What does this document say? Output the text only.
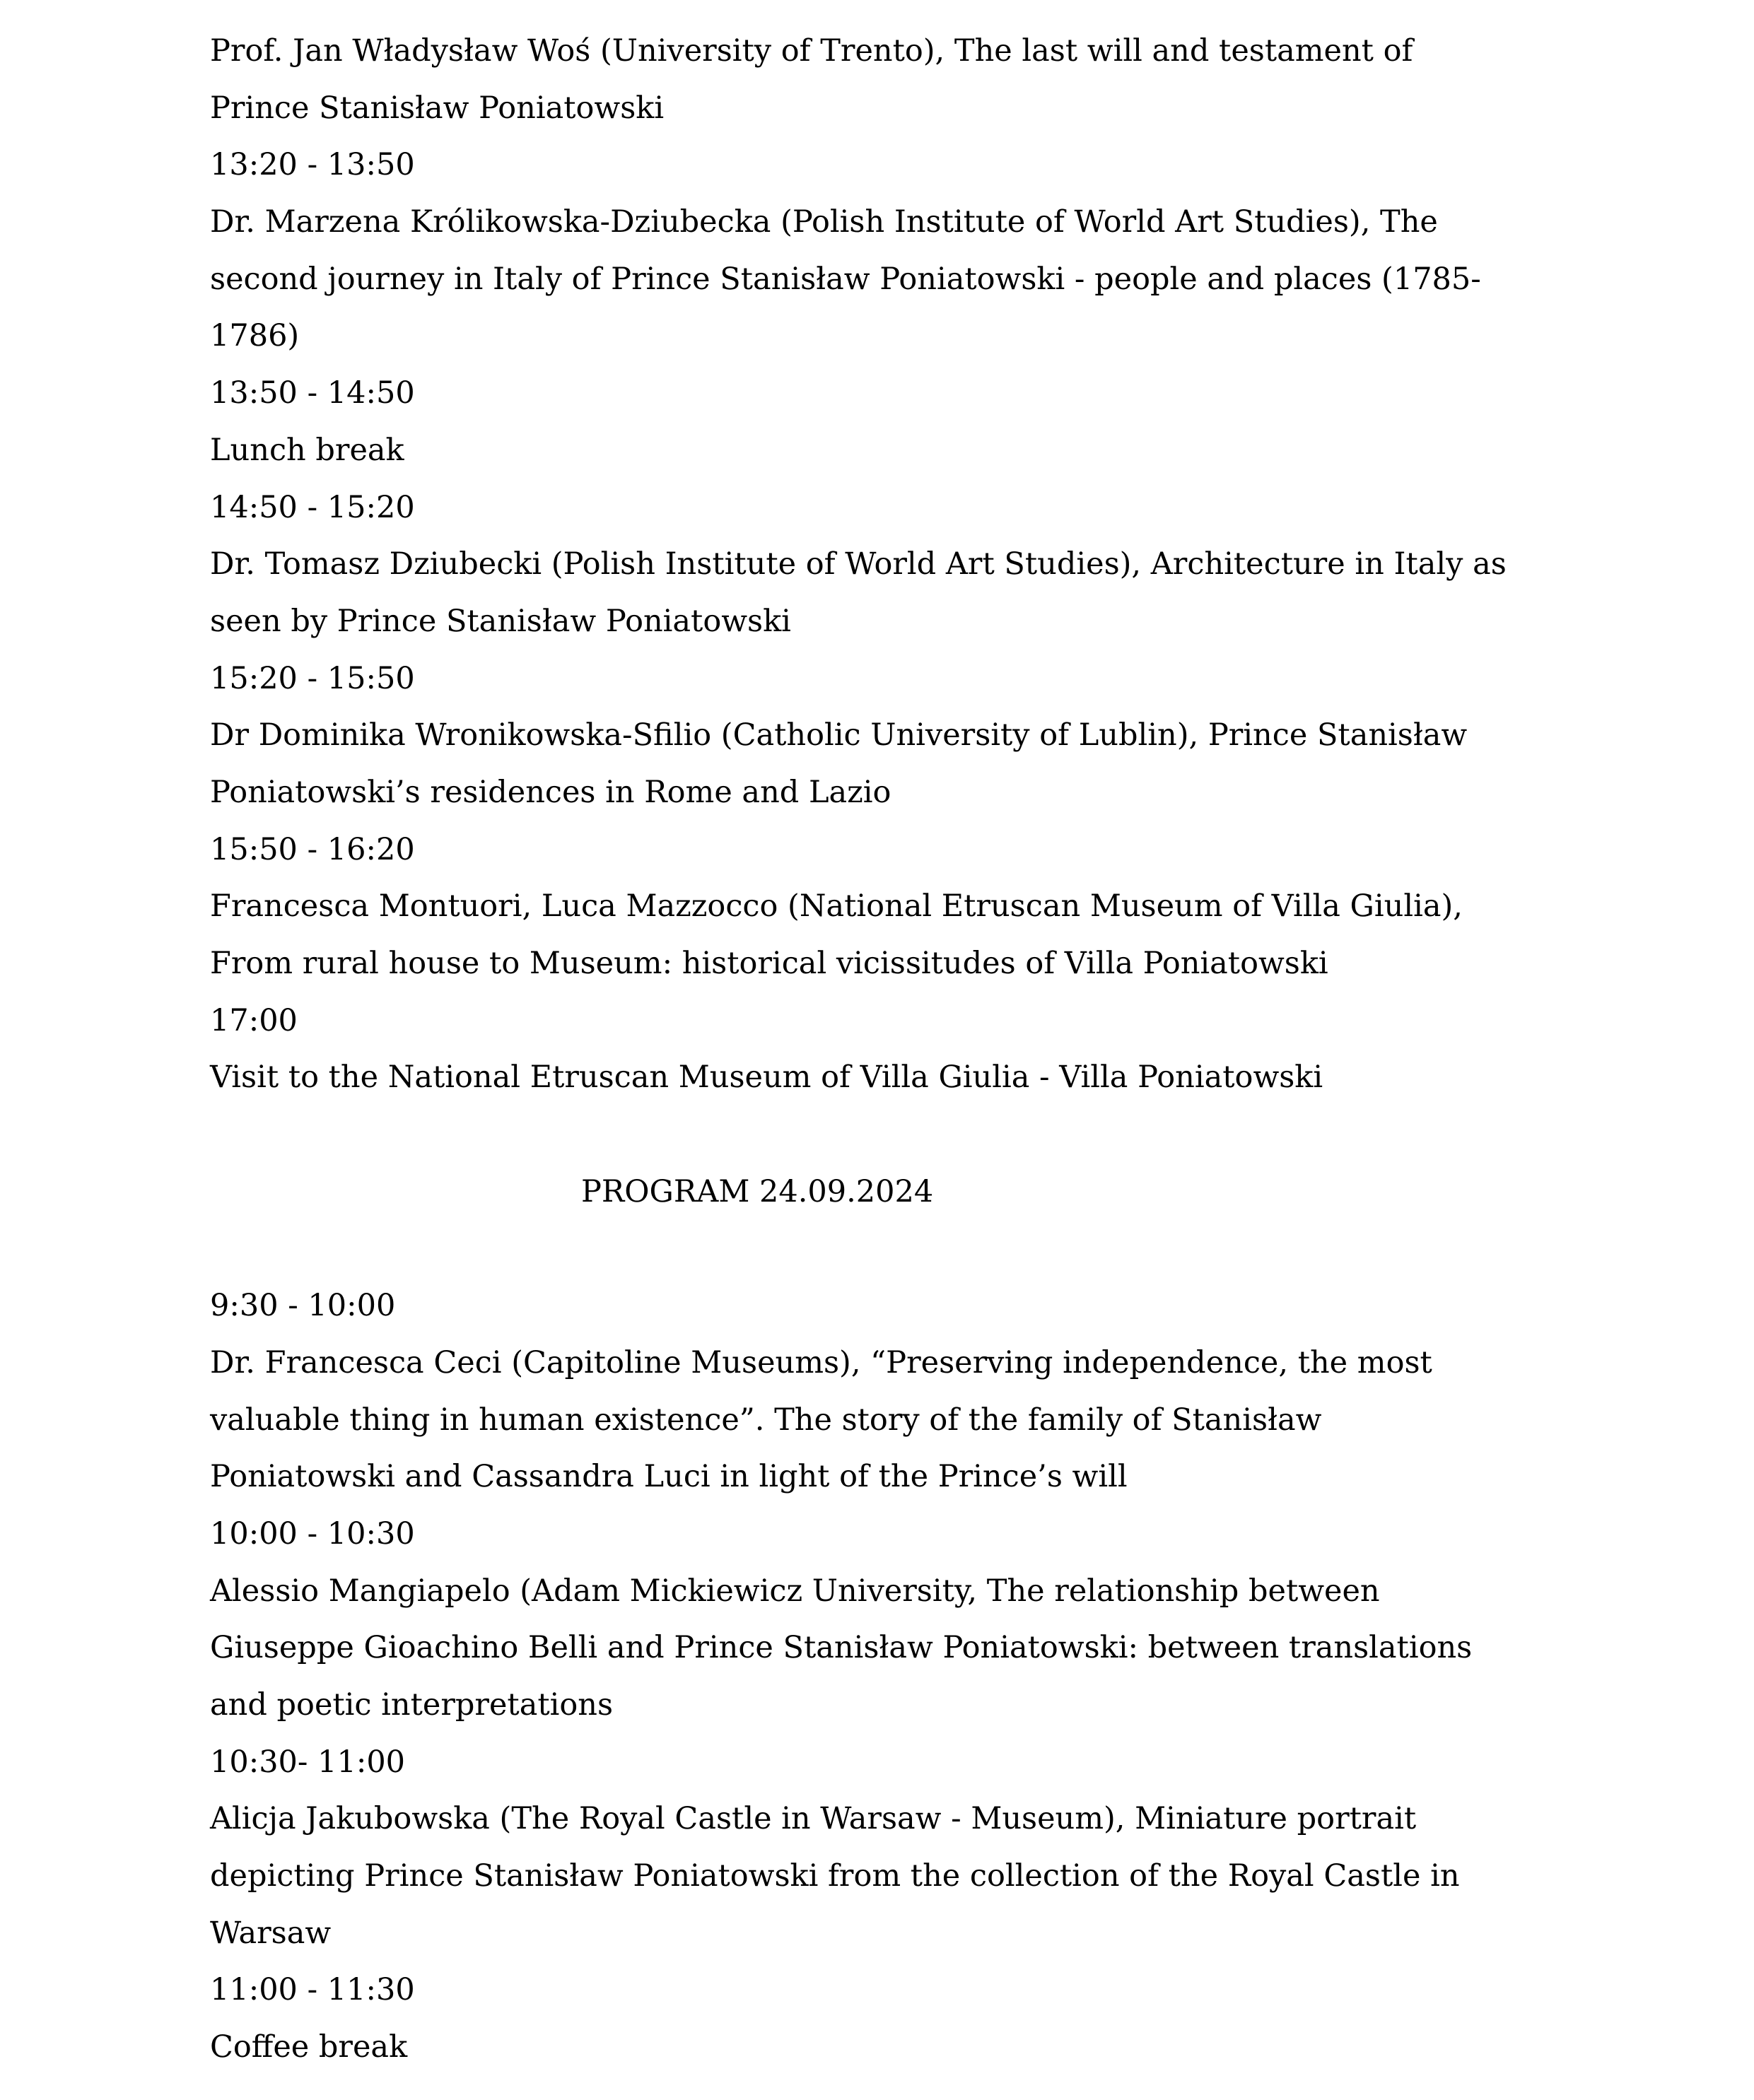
Prof. Jan Władysław Woś (University of Trento), The last will and testament of

Prince Stanisław Poniatowski

13:20 - 13:50

Dr. Marzena Królikowska-Dziubecka (Polish Institute of World Art Studies), The

second journey in Italy of Prince Stanisław Poniatowski - people and places (1785-

1786)

13:50 - 14:50

Lunch break

14:50 - 15:20

Dr. Tomasz Dziubecki (Polish Institute of World Art Studies), Architecture in Italy as

seen by Prince Stanisław Poniatowski

15:20 - 15:50

Dr Dominika Wronikowska-Sfilio (Catholic University of Lublin), Prince Stanisław

Poniatowski’s residences in Rome and Lazio

15:50 - 16:20

Francesca Montuori, Luca Mazzocco (National Etruscan Museum of Villa Giulia),

From rural house to Museum: historical vicissitudes of Villa Poniatowski

17:00

Visit to the National Etruscan Museum of Villa Giulia - Villa Poniatowski

PROGRAM 24.09.2024

9:30 - 10:00

Dr. Francesca Ceci (Capitoline Museums), “Preserving independence, the most

valuable thing in human existence”. The story of the family of Stanisław

Poniatowski and Cassandra Luci in light of the Prince’s will

10:00 - 10:30

Alessio Mangiapelo (Adam Mickiewicz University, The relationship between

Giuseppe Gioachino Belli and Prince Stanisław Poniatowski: between translations

and poetic interpretations

10:30- 11:00

Alicja Jakubowska (The Royal Castle in Warsaw - Museum), Miniature portrait

depicting Prince Stanisław Poniatowski from the collection of the Royal Castle in

Warsaw

11:00 - 11:30

Coffee break
